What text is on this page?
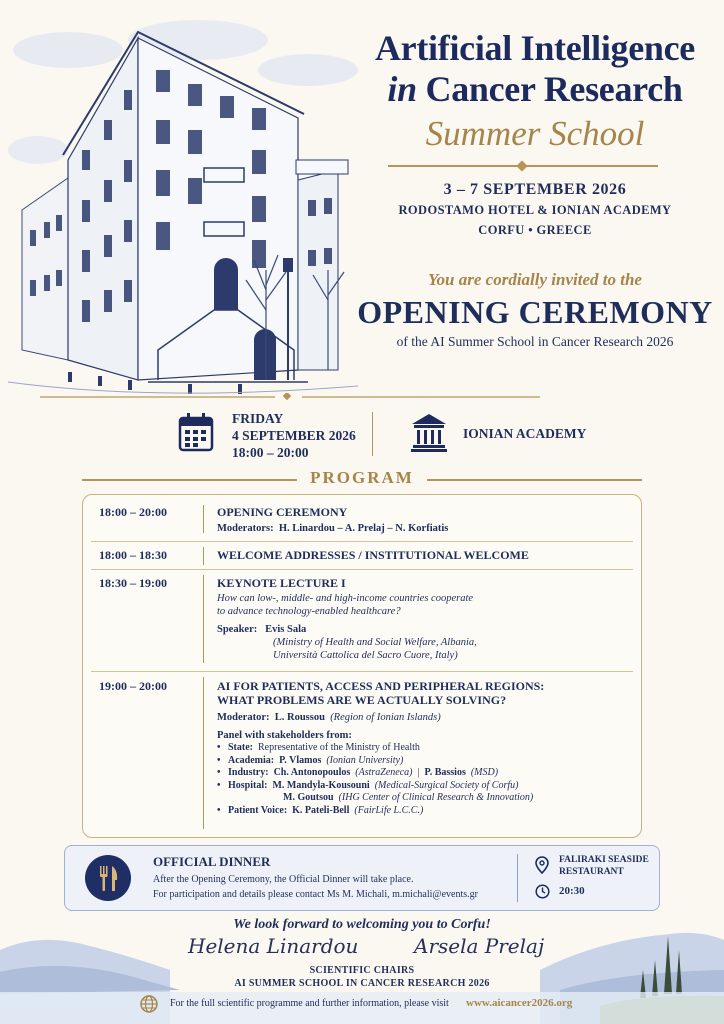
Artificial Intelligence
in Cancer Research
Summer School
3 – 7 SEPTEMBER 2026
RODOSTAMO HOTEL & IONIAN ACADEMY
CORFU • GREECE
You are cordially invited to the
OPENING CEREMONY
of the AI Summer School in Cancer Research 2026
FRIDAY
4 SEPTEMBER 2026
18:00 – 20:00
IONIAN ACADEMY
PROGRAM
18:00 – 20:00	OPENING CEREMONY
Moderators: H. Linardou – A. Prelaj – N. Korfiatis
18:00 – 18:30	WELCOME ADDRESSES / INSTITUTIONAL WELCOME
18:30 – 19:00	KEYNOTE LECTURE I
How can low-, middle- and high-income countries cooperate
to advance technology-enabled healthcare?
Speaker: Evis Sala
(Ministry of Health and Social Welfare, Albania,
Università Cattolica del Sacro Cuore, Italy)
19:00 – 20:00	AI FOR PATIENTS, ACCESS AND PERIPHERAL REGIONS:
WHAT PROBLEMS ARE WE ACTUALLY SOLVING?
Moderator: L. Roussou (Region of Ionian Islands)
Panel with stakeholders from:
• State: Representative of the Ministry of Health
• Academia: P. Vlamos (Ionian University)
• Industry: Ch. Antonopoulos (AstraZeneca) | P. Bassios (MSD)
• Hospital: M. Mandyla-Kousouni (Medical-Surgical Society of Corfu)
M. Goutsou (IHG Center of Clinical Research & Innovation)
• Patient Voice: K. Pateli-Bell (FairLife L.C.C.)
OFFICIAL DINNER
After the Opening Ceremony, the Official Dinner will take place.
For participation and details please contact Ms M. Michali, m.michali@events.gr
FALIRAKI SEASIDE
RESTAURANT
20:30
We look forward to welcoming you to Corfu!
Helena Linardou	Arsela Prelaj
SCIENTIFIC CHAIRS
AI SUMMER SCHOOL IN CANCER RESEARCH 2026
For the full scientific programme and further information, please visit www.aicancer2026.org
